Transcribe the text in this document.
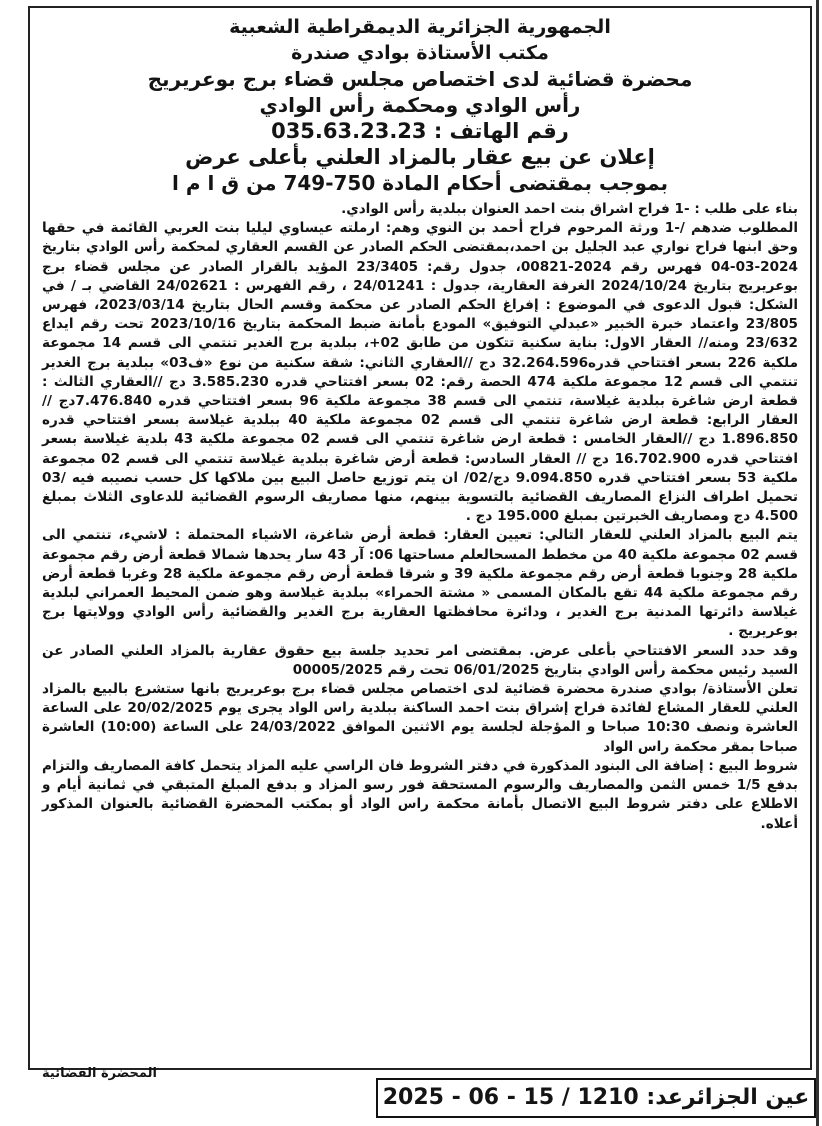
الجمهورية الجزائرية الديمقراطية الشعبية
مكتب الأستاذة بوادي صندرة
محضرة قضائية لدى اختصاص مجلس قضاء برج بوعريريج
رأس الوادي ومحكمة رأس الوادي
رقم الهاتف : 035.63.23.23
إعلان عن بيع عقار بالمزاد العلني بأعلى عرض
بموجب بمقتضى أحكام المادة 750-749 من ق ا م ا

بناء على طلب : -1 فراح اشراق بنت احمد العنوان ببلدية رأس الوادي.

المطلوب ضدهم /-1 ورثة المرحوم فراح أحمد بن النوي وهم: ارملته عيساوي ليليا بنت العربي القائمة في حقها وحق ابنها فراح نواري عبد الجليل بن احمد،بمقتضى الحكم الصادر عن القسم العقاري لمحكمة رأس الوادي بتاريخ 2024-03-04 فهرس رقم 2024-00821، جدول رقم: 23/3405 المؤيد بالقرار الصادر عن مجلس قضاء برج بوعريريج بتاريخ 2024/10/24 الغرفة العقارية، جدول : 24/01241 ، رقم الفهرس : 24/02621 القاضي بـ / في الشكل: قبول الدعوى في الموضوع : إفراغ الحكم الصادر عن محكمة وقسم الحال بتاريخ 2023/03/14، فهرس 23/805 واعتماد خبرة الخبير «عبدلي التوفيق» المودع بأمانة ضبط المحكمة بتاريخ 2023/10/16 تحت رقم ايداع 23/632 ومنه// العقار الاول: بناية سكنية تتكون من طابق 02+، ببلدية برج الغدير تنتمي الى قسم 14 مجموعة ملكية 226 بسعر افتتاحي قدره32.264.596 دج //العقاري الثاني: شقة سكنية من نوع «ف03» ببلدية برج الغدير تنتمي الى قسم 12 مجموعة ملكية 474 الحصة رقم: 02 بسعر افتتاحي قدره 3.585.230 دج //العقاري الثالث : قطعة ارض شاغرة ببلدية غيلاسة، تنتمي الى قسم 38 مجموعة ملكية 96 بسعر افتتاحي قدره 7.476.840دج // العقار الرابع: قطعة ارض شاغرة تنتمي الى قسم 02 مجموعة ملكية 40 ببلدية غيلاسة بسعر افتتاحي قدره 1.896.850 دج //العقار الخامس : قطعة ارض شاغرة تنتمي الى قسم 02 مجموعة ملكية 43 بلدية غيلاسة بسعر افتتاحي قدره 16.702.900 دج // العقار السادس: قطعة أرض شاغرة ببلدية غيلاسة تنتمي الى قسم 02 مجموعة ملكية 53 بسعر افتتاحي قدره 9.094.850 دج/02/ ان يتم توزيع حاصل البيع بين ملاكها كل حسب نصيبه فيه /03 تحميل اطراف النزاع المصاريف القضائية بالتسوية بينهم، منها مصاريف الرسوم القضائية للدعاوى الثلاث بمبلغ 4.500 دج ومصاريف الخبرتين بمبلغ 195.000 دج .

يتم البيع بالمزاد العلني للعقار التالي: تعيين العقار: قطعة أرض شاغرة، الاشياء المحتملة : لاشيء، تنتمي الى قسم 02 مجموعة ملكية 40 من مخطط المسحالعلم مساحتها 06: آر 43 سار يحدها شمالا قطعة أرض رقم مجموعة ملكية 28 وجنوبا قطعة أرض رقم مجموعة ملكية 39 و شرقا قطعة أرض رقم مجموعة ملكية 28 وغربا قطعة أرض رقم مجموعة ملكية 44 تقع بالمكان المسمى « مشتة الحمراء» ببلدية غيلاسة وهو ضمن المحيط العمراني لبلدية غيلاسة دائرتها المدنية برج الغدير ، ودائرة محافظتها العقارية برج الغدير والقضائية رأس الوادي وولايتها برج بوعريريج .

وقد حدد السعر الافتتاحي بأعلى عرض. بمقتضى امر تحديد جلسة بيع حقوق عقارية بالمزاد العلني الصادر عن السيد رئيس محكمة رأس الوادي بتاريخ 06/01/2025 تحت رقم 00005/2025

تعلن الأستاذة/ بوادي صندرة محضرة قضائية لدى اختصاص مجلس قضاء برج بوعريريج بانها ستشرع بالبيع بالمزاد العلني للعقار المشاع لفائدة فراح إشراق بنت احمد الساكنة ببلدية راس الواد يجرى يوم 20/02/2025 على الساعة العاشرة ونصف 10:30 صباحا و المؤجلة لجلسة يوم الاثنين الموافق 24/03/2022 على الساعة (10:00) العاشرة صباحا بمقر محكمة راس الواد

شروط البيع : إضافة الى البنود المذكورة في دفتر الشروط فان الراسي عليه المزاد يتحمل كافة المصاريف والتزام بدفع 1/5 خمس الثمن والمصاريف والرسوم المستحقة فور رسو المزاد و بدفع المبلغ المتبقي في ثمانية أيام و الاطلاع على دفتر شروط البيع الاتصال بأمانة محكمة راس الواد أو بمكتب المحضرة القضائية بالعنوان المذكور أعلاه.

المحضرة القضائية
عين الجزائرعد: 1210 / 15 - 06 - 2025
